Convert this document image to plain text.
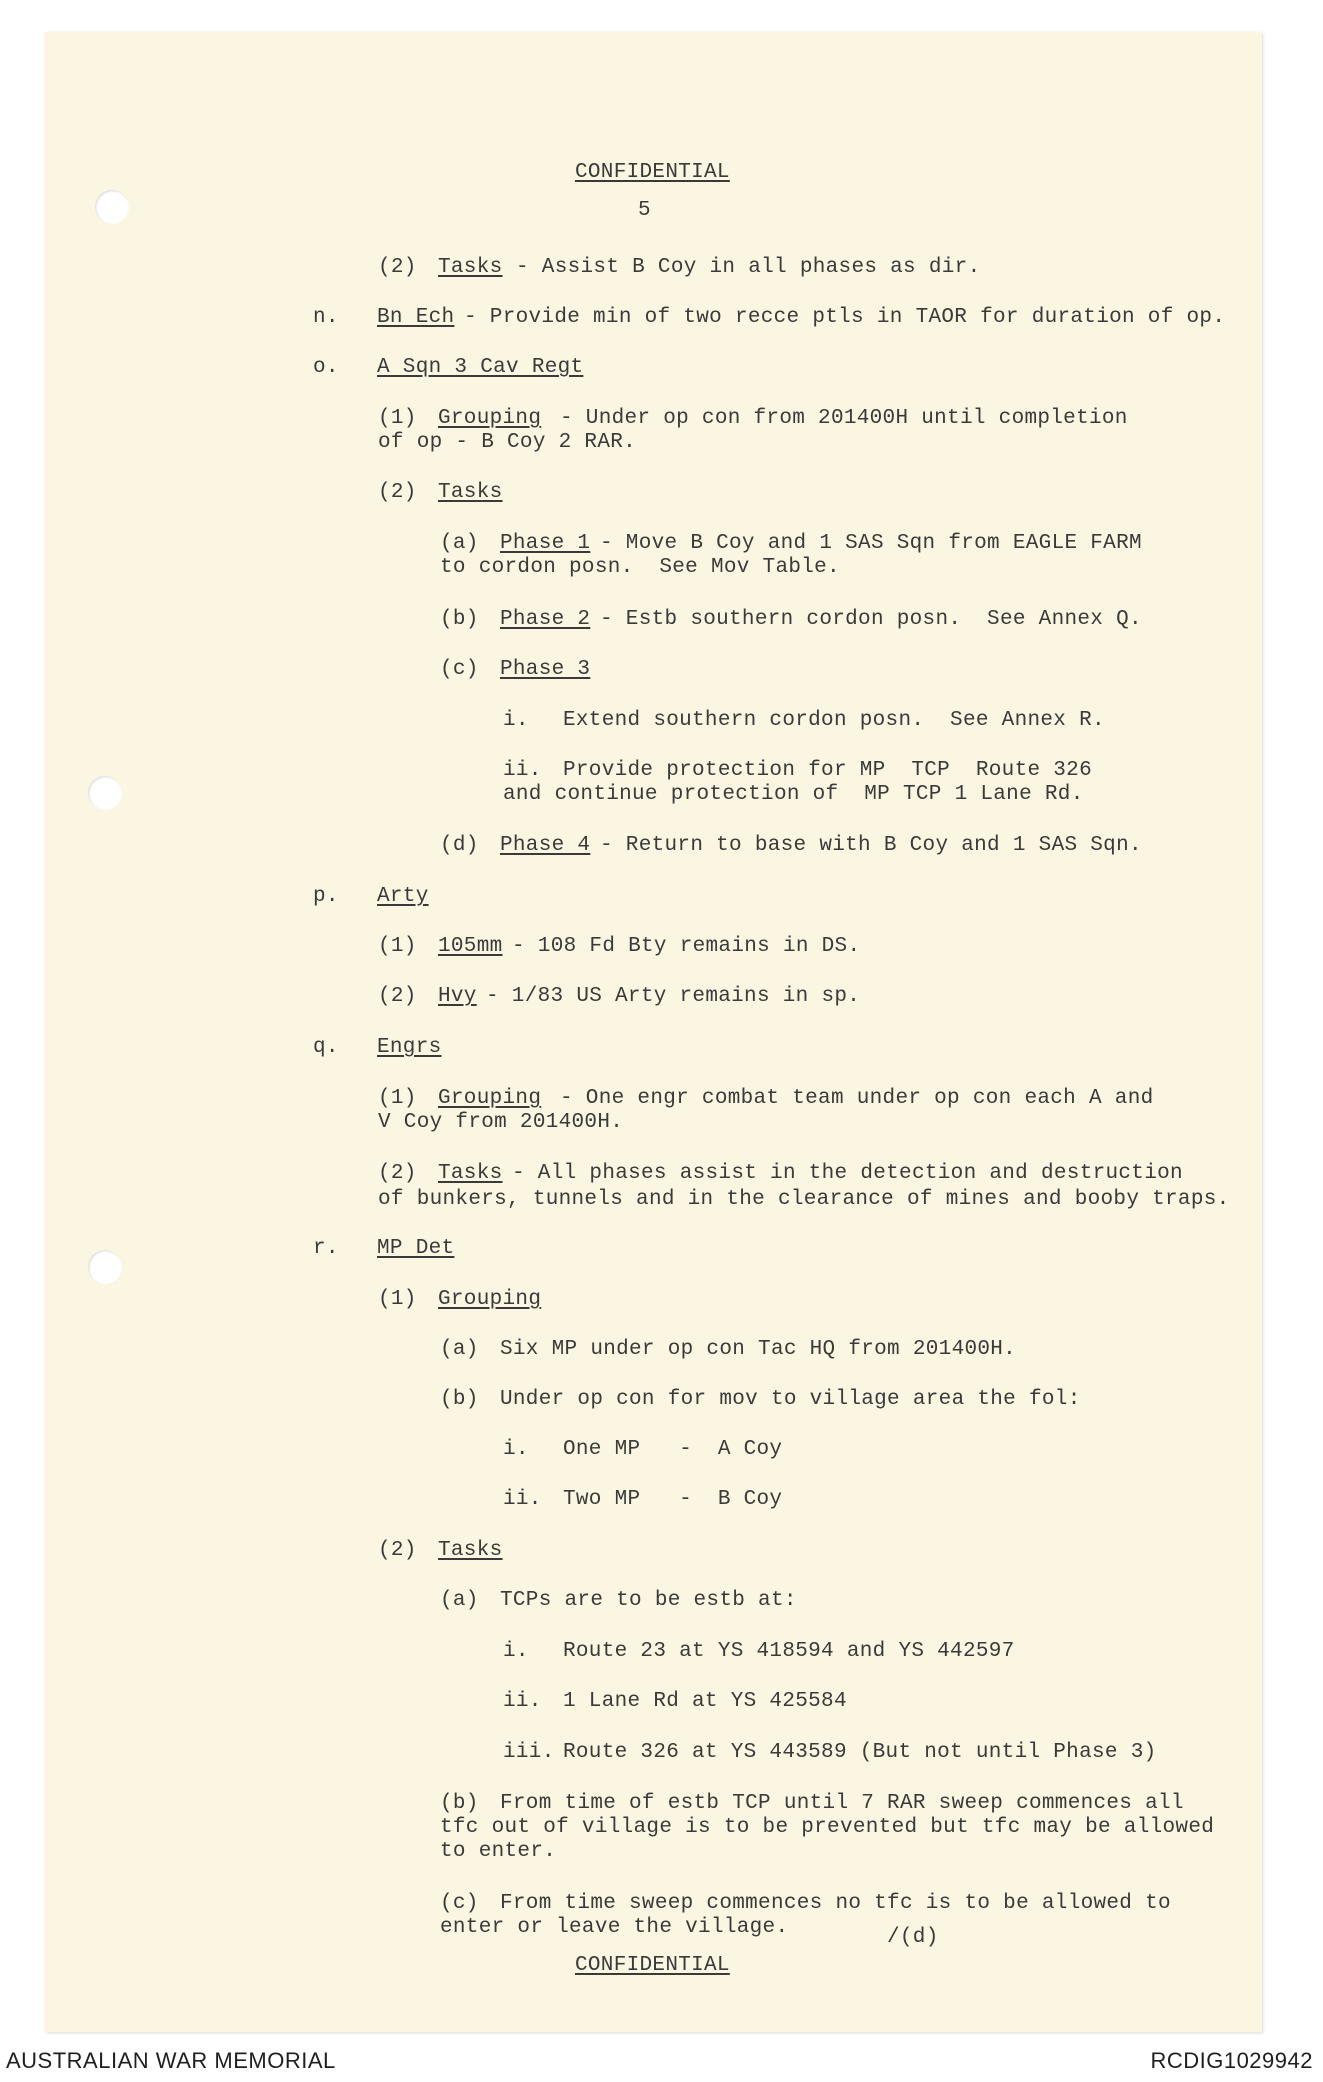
CONFIDENTIAL
5
(2) Tasks - Assist B Coy in all phases as dir.
n. Bn Ech - Provide min of two recce ptls in TAOR for duration of op.
o. A Sqn 3 Cav Regt
(1) Grouping - Under op con from 201400H until completion
of op - B Coy 2 RAR.
(2) Tasks
(a) Phase 1 - Move B Coy and 1 SAS Sqn from EAGLE FARM
to cordon posn.  See Mov Table.
(b) Phase 2 - Estb southern cordon posn.  See Annex Q.
(c) Phase 3
i. Extend southern cordon posn.  See Annex R.
ii. Provide protection for MP  TCP  Route 326
and continue protection of  MP TCP 1 Lane Rd.
(d) Phase 4 - Return to base with B Coy and 1 SAS Sqn.
p. Arty
(1) 105mm - 108 Fd Bty remains in DS.
(2) Hvy - 1/83 US Arty remains in sp.
q. Engrs
(1) Grouping - One engr combat team under op con each A and
V Coy from 201400H.
(2) Tasks - All phases assist in the detection and destruction
of bunkers, tunnels and in the clearance of mines and booby traps.
r. MP Det
(1) Grouping
(a) Six MP under op con Tac HQ from 201400H.
(b) Under op con for mov to village area the fol:
i. One MP   -  A Coy
ii. Two MP   -  B Coy
(2) Tasks
(a) TCPs are to be estb at:
i. Route 23 at YS 418594 and YS 442597
ii. 1 Lane Rd at YS 425584
iii. Route 326 at YS 443589 (But not until Phase 3)
(b) From time of estb TCP until 7 RAR sweep commences all
tfc out of village is to be prevented but tfc may be allowed
to enter.
(c) From time sweep commences no tfc is to be allowed to
enter or leave the village.	/(d)
CONFIDENTIAL
AUSTRALIAN WAR MEMORIAL	RCDIG1029942
